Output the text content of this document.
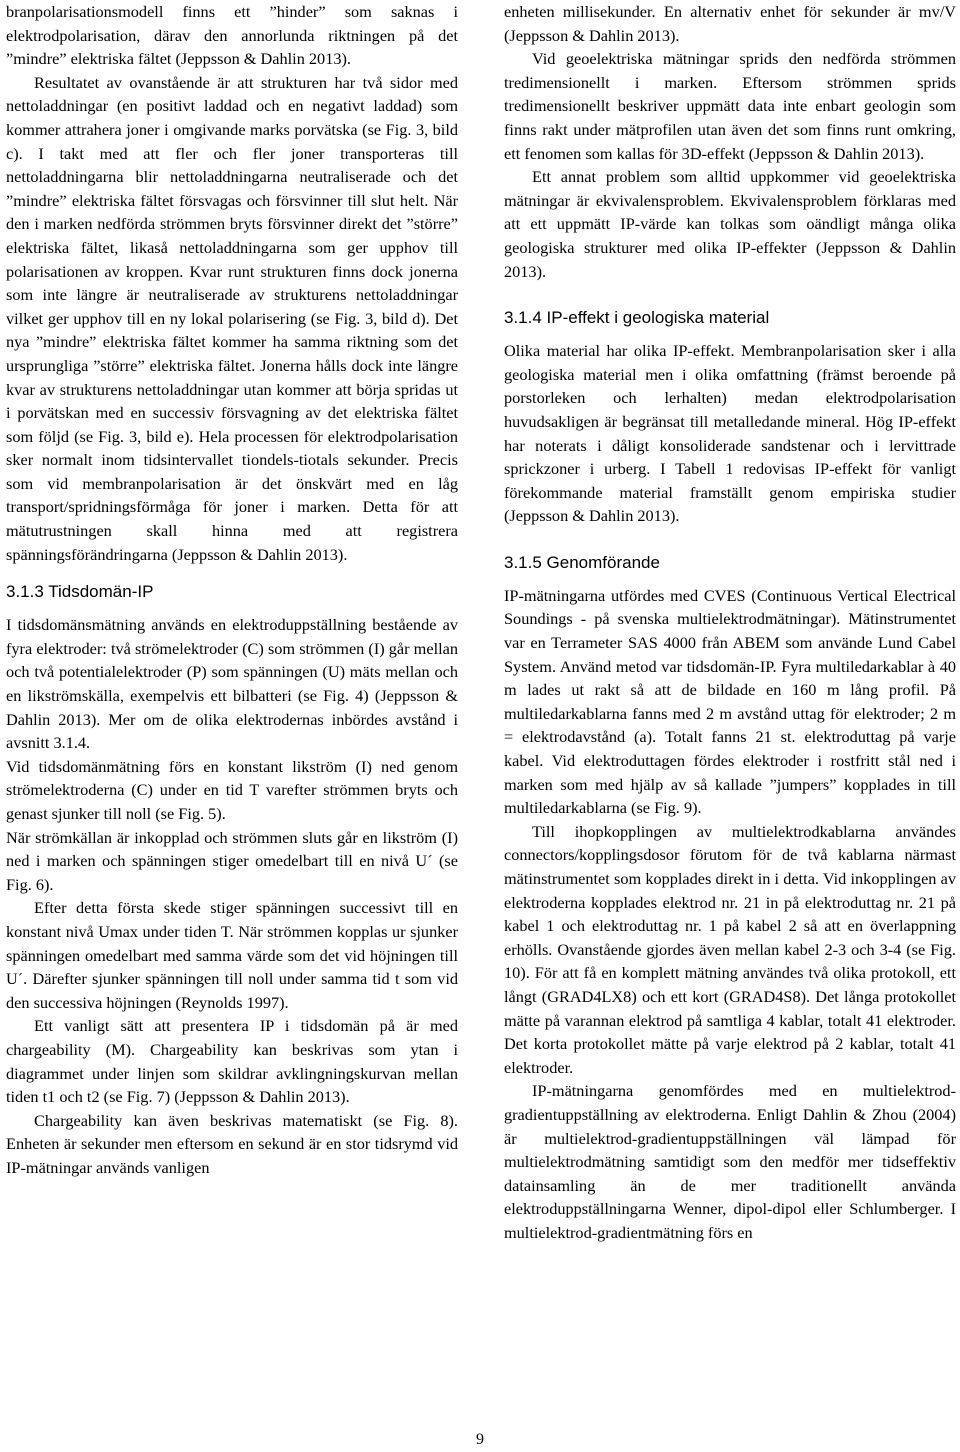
branpolarisationsmodell finns ett ”hinder” som saknas i elektrodpolarisation, därav den annorlunda riktningen på det ”mindre” elektriska fältet (Jeppsson & Dahlin 2013).

Resultatet av ovanstående är att strukturen har två sidor med nettoladdningar (en positivt laddad och en negativt laddad) som kommer attrahera joner i omgivande marks porvätska (se Fig. 3, bild c). I takt med att fler och fler joner transporteras till nettoladdningarna blir nettoladdningarna neutraliserade och det ”mindre” elektriska fältet försvagas och försvinner till slut helt. När den i marken nedförda strömmen bryts försvinner direkt det ”större” elektriska fältet, likaså nettoladdningarna som ger upphov till polarisationen av kroppen. Kvar runt strukturen finns dock jonerna som inte längre är neutraliserade av strukturens nettoladdningar vilket ger upphov till en ny lokal polarisering (se Fig. 3, bild d). Det nya ”mindre” elektriska fältet kommer ha samma riktning som det ursprungliga ”större” elektriska fältet. Jonerna hålls dock inte längre kvar av strukturens nettoladdningar utan kommer att börja spridas ut i porvätskan med en successiv försvagning av det elektriska fältet som följd (se Fig. 3, bild e). Hela processen för elektrodpolarisation sker normalt inom tidsintervallet tiondels-tiotals sekunder. Precis som vid membranpolarisation är det önskvärt med en låg transport/spridningsförmåga för joner i marken. Detta för att mätutrustningen skall hinna med att registrera spänningsförändringarna (Jeppsson & Dahlin 2013).

3.1.3 Tidsdomän-IP

I tidsdomänsmätning används en elektroduppställning bestående av fyra elektroder: två strömelektroder (C) som strömmen (I) går mellan och två potentialelektroder (P) som spänningen (U) mäts mellan och en likströmskälla, exempelvis ett bilbatteri (se Fig. 4) (Jeppsson & Dahlin 2013). Mer om de olika elektrodernas inbördes avstånd i avsnitt 3.1.4.

Vid tidsdomänmätning förs en konstant likström (I) ned genom strömelektroderna (C) under en tid T varefter strömmen bryts och genast sjunker till noll (se Fig. 5).

När strömkällan är inkopplad och strömmen sluts går en likström (I) ned i marken och spänningen stiger omedelbart till en nivå U´ (se Fig. 6).

Efter detta första skede stiger spänningen successivt till en konstant nivå Umax under tiden T. När strömmen kopplas ur sjunker spänningen omedelbart med samma värde som det vid höjningen till U´. Därefter sjunker spänningen till noll under samma tid t som vid den successiva höjningen (Reynolds 1997).

Ett vanligt sätt att presentera IP i tidsdomän på är med chargeability (M). Chargeability kan beskrivas som ytan i diagrammet under linjen som skildrar avklingningskurvan mellan tiden t1 och t2 (se Fig. 7) (Jeppsson & Dahlin 2013).

Chargeability kan även beskrivas matematiskt (se Fig. 8). Enheten är sekunder men eftersom en sekund är en stor tidsrymd vid IP-mätningar används vanligen

enheten millisekunder. En alternativ enhet för sekunder är mv/V (Jeppsson & Dahlin 2013).

Vid geoelektriska mätningar sprids den nedförda strömmen tredimensionellt i marken. Eftersom strömmen sprids tredimensionellt beskriver uppmätt data inte enbart geologin som finns rakt under mätprofilen utan även det som finns runt omkring, ett fenomen som kallas för 3D-effekt (Jeppsson & Dahlin 2013).

Ett annat problem som alltid uppkommer vid geoelektriska mätningar är ekvivalensproblem. Ekvivalensproblem förklaras med att ett uppmätt IP-värde kan tolkas som oändligt många olika geologiska strukturer med olika IP-effekter (Jeppsson & Dahlin 2013).

3.1.4 IP-effekt i geologiska material

Olika material har olika IP-effekt. Membranpolarisation sker i alla geologiska material men i olika omfattning (främst beroende på porstorleken och lerhalten) medan elektrodpolarisation huvudsakligen är begränsat till metalledande mineral. Hög IP-effekt har noterats i dåligt konsoliderade sandstenar och i lervittrade sprickzoner i urberg. I Tabell 1 redovisas IP-effekt för vanligt förekommande material framställt genom empiriska studier (Jeppsson & Dahlin 2013).

3.1.5 Genomförande

IP-mätningarna utfördes med CVES (Continuous Vertical Electrical Soundings - på svenska multielektrodmätningar). Mätinstrumentet var en Terrameter SAS 4000 från ABEM som använde Lund Cabel System. Använd metod var tidsdomän-IP. Fyra multiledarkablar à 40 m lades ut rakt så att de bildade en 160 m lång profil. På multiledarkablarna fanns med 2 m avstånd uttag för elektroder; 2 m = elektrodavstånd (a). Totalt fanns 21 st. elektroduttag på varje kabel. Vid elektroduttagen fördes elektroder i rostfritt stål ned i marken som med hjälp av så kallade ”jumpers” kopplades in till multiledarkablarna (se Fig. 9).

Till ihopkopplingen av multielektrodkablarna användes connectors/kopplingsdosor förutom för de två kablarna närmast mätinstrumentet som kopplades direkt in i detta. Vid inkopplingen av elektroderna kopplades elektrod nr. 21 in på elektroduttag nr. 21 på kabel 1 och elektroduttag nr. 1 på kabel 2 så att en överlappning erhölls. Ovanstående gjordes även mellan kabel 2-3 och 3-4 (se Fig. 10). För att få en komplett mätning användes två olika protokoll, ett långt (GRAD4LX8) och ett kort (GRAD4S8). Det långa protokollet mätte på varannan elektrod på samtliga 4 kablar, totalt 41 elektroder. Det korta protokollet mätte på varje elektrod på 2 kablar, totalt 41 elektroder.

IP-mätningarna genomfördes med en multielektrod-gradientuppställning av elektroderna. Enligt Dahlin & Zhou (2004) är multielektrod-gradientuppställningen väl lämpad för multielektrodmätning samtidigt som den medför mer tidseffektiv datainsamling än de mer traditionellt använda elektroduppställningarna Wenner, dipol-dipol eller Schlumberger. I multielektrod-gradientmätning förs en

9
